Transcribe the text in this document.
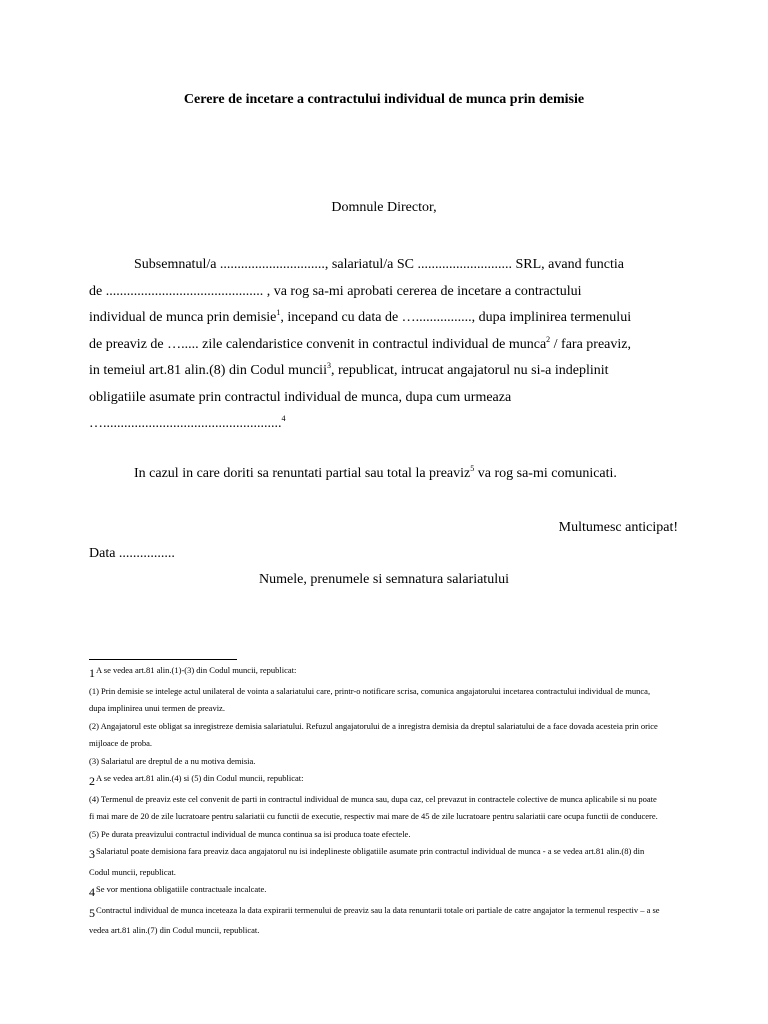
Cerere de incetare a contractului individual de munca prin demisie
Domnule Director,
Subsemnatul/a .............................., salariatul/a SC ........................... SRL, avand functia
de ............................................. , va rog sa-mi aprobati cererea de incetare a contractului
individual de munca prin demisie$^1$, incepand cu data de …................, dupa implinirea termenului
de preaviz de …..... zile calendaristice convenit in contractul individual de munca$^2$ / fara preaviz,
in temeiul art.81 alin.(8) din Codul muncii$^3$, republicat, intrucat angajatorul nu si-a indeplinit
obligatiile asumate prin contractul individual de munca, dupa cum urmeaza
…...................................................$^4$
In cazul in care doriti sa renuntati partial sau total la preaviz$^5$ va rog sa-mi comunicati.
Multumesc anticipat!
Data ................
Numele, prenumele si semnatura salariatului
1A se vedea art.81 alin.(1)-(3) din Codul muncii, republicat:
(1) Prin demisie se intelege actul unilateral de vointa a salariatului care, printr-o notificare scrisa, comunica angajatorului incetarea contractului individual de munca,
dupa implinirea unui termen de preaviz.
(2) Angajatorul este obligat sa inregistreze demisia salariatului. Refuzul angajatorului de a inregistra demisia da dreptul salariatului de a face dovada acesteia prin orice
mijloace de proba.
(3) Salariatul are dreptul de a nu motiva demisia.
2A se vedea art.81 alin.(4) si (5) din Codul muncii, republicat:
(4) Termenul de preaviz este cel convenit de parti in contractul individual de munca sau, dupa caz, cel prevazut in contractele colective de munca aplicabile si nu poate
fi mai mare de 20 de zile lucratoare pentru salariatii cu functii de executie, respectiv mai mare de 45 de zile lucratoare pentru salariatii care ocupa functii de conducere.
(5) Pe durata preavizului contractul individual de munca continua sa isi produca toate efectele.
3Salariatul poate demisiona fara preaviz daca angajatorul nu isi indeplineste obligatiile asumate prin contractul individual de munca - a se vedea art.81 alin.(8) din
Codul muncii, republicat.
4Se vor mentiona obligatiile contractuale incalcate.
5Contractul individual de munca inceteaza la data expirarii termenului de preaviz sau la data renuntarii totale ori partiale de catre angajator la termenul respectiv – a se
vedea art.81 alin.(7) din Codul muncii, republicat.
